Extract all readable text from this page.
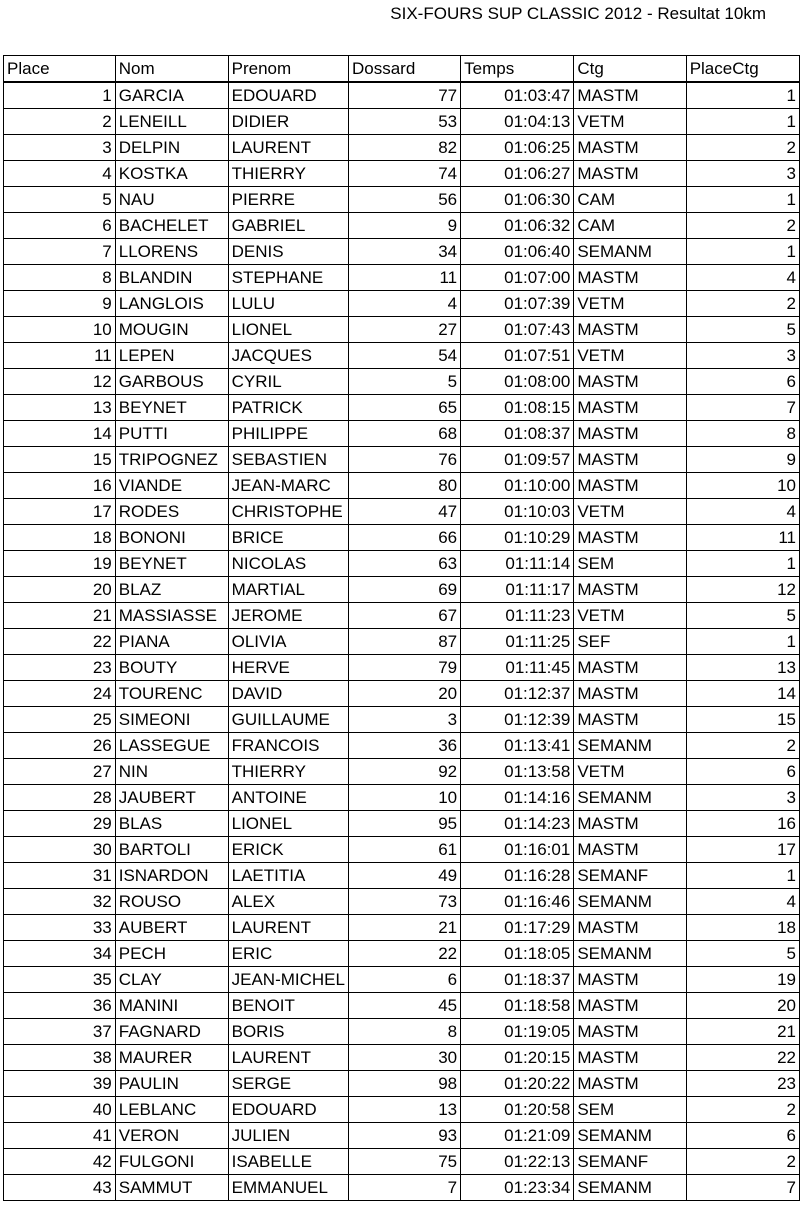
SIX-FOURS SUP CLASSIC 2012 - Resultat 10km
Place	Nom	Prenom	Dossard	Temps	Ctg	PlaceCtg
1	GARCIA	EDOUARD	77	01:03:47	MASTM	1
2	LENEILL	DIDIER	53	01:04:13	VETM	1
3	DELPIN	LAURENT	82	01:06:25	MASTM	2
4	KOSTKA	THIERRY	74	01:06:27	MASTM	3
5	NAU	PIERRE	56	01:06:30	CAM	1
6	BACHELET	GABRIEL	9	01:06:32	CAM	2
7	LLORENS	DENIS	34	01:06:40	SEMANM	1
8	BLANDIN	STEPHANE	11	01:07:00	MASTM	4
9	LANGLOIS	LULU	4	01:07:39	VETM	2
10	MOUGIN	LIONEL	27	01:07:43	MASTM	5
11	LEPEN	JACQUES	54	01:07:51	VETM	3
12	GARBOUS	CYRIL	5	01:08:00	MASTM	6
13	BEYNET	PATRICK	65	01:08:15	MASTM	7
14	PUTTI	PHILIPPE	68	01:08:37	MASTM	8
15	TRIPOGNEZ	SEBASTIEN	76	01:09:57	MASTM	9
16	VIANDE	JEAN-MARC	80	01:10:00	MASTM	10
17	RODES	CHRISTOPHE	47	01:10:03	VETM	4
18	BONONI	BRICE	66	01:10:29	MASTM	11
19	BEYNET	NICOLAS	63	01:11:14	SEM	1
20	BLAZ	MARTIAL	69	01:11:17	MASTM	12
21	MASSIASSE	JEROME	67	01:11:23	VETM	5
22	PIANA	OLIVIA	87	01:11:25	SEF	1
23	BOUTY	HERVE	79	01:11:45	MASTM	13
24	TOURENC	DAVID	20	01:12:37	MASTM	14
25	SIMEONI	GUILLAUME	3	01:12:39	MASTM	15
26	LASSEGUE	FRANCOIS	36	01:13:41	SEMANM	2
27	NIN	THIERRY	92	01:13:58	VETM	6
28	JAUBERT	ANTOINE	10	01:14:16	SEMANM	3
29	BLAS	LIONEL	95	01:14:23	MASTM	16
30	BARTOLI	ERICK	61	01:16:01	MASTM	17
31	ISNARDON	LAETITIA	49	01:16:28	SEMANF	1
32	ROUSO	ALEX	73	01:16:46	SEMANM	4
33	AUBERT	LAURENT	21	01:17:29	MASTM	18
34	PECH	ERIC	22	01:18:05	SEMANM	5
35	CLAY	JEAN-MICHEL	6	01:18:37	MASTM	19
36	MANINI	BENOIT	45	01:18:58	MASTM	20
37	FAGNARD	BORIS	8	01:19:05	MASTM	21
38	MAURER	LAURENT	30	01:20:15	MASTM	22
39	PAULIN	SERGE	98	01:20:22	MASTM	23
40	LEBLANC	EDOUARD	13	01:20:58	SEM	2
41	VERON	JULIEN	93	01:21:09	SEMANM	6
42	FULGONI	ISABELLE	75	01:22:13	SEMANF	2
43	SAMMUT	EMMANUEL	7	01:23:34	SEMANM	7
